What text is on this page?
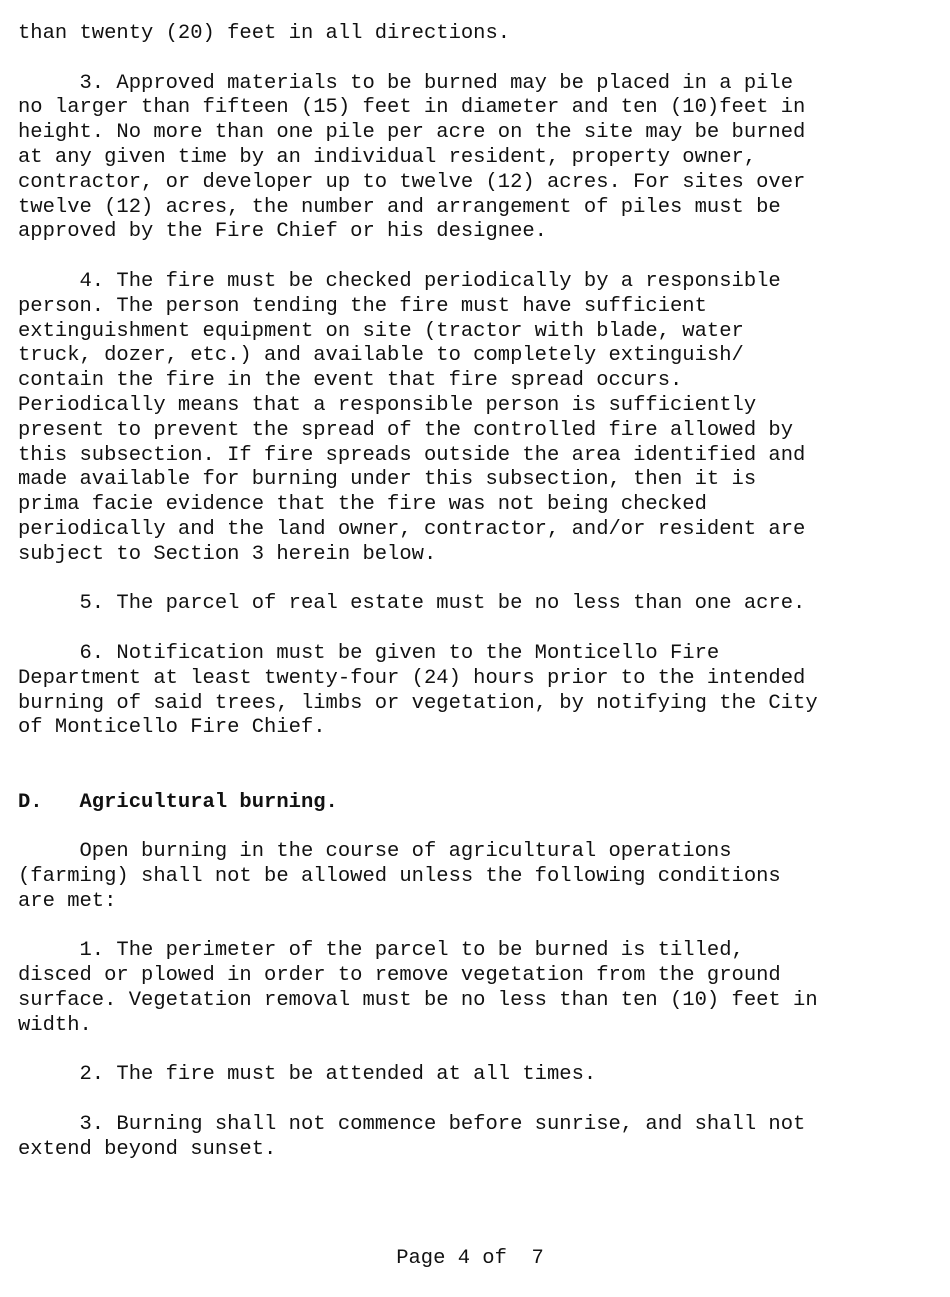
than twenty (20) feet in all directions.
3. Approved materials to be burned may be placed in a pile
no larger than fifteen (15) feet in diameter and ten (10)feet in
height. No more than one pile per acre on the site may be burned
at any given time by an individual resident, property owner,
contractor, or developer up to twelve (12) acres. For sites over
twelve (12) acres, the number and arrangement of piles must be
approved by the Fire Chief or his designee.
4. The fire must be checked periodically by a responsible
person. The person tending the fire must have sufficient
extinguishment equipment on site (tractor with blade, water
truck, dozer, etc.) and available to completely extinguish/
contain the fire in the event that fire spread occurs.
Periodically means that a responsible person is sufficiently
present to prevent the spread of the controlled fire allowed by
this subsection. If fire spreads outside the area identified and
made available for burning under this subsection, then it is
prima facie evidence that the fire was not being checked
periodically and the land owner, contractor, and/or resident are
subject to Section 3 herein below.
5. The parcel of real estate must be no less than one acre.
6. Notification must be given to the Monticello Fire
Department at least twenty-four (24) hours prior to the intended
burning of said trees, limbs or vegetation, by notifying the City
of Monticello Fire Chief.
D.   Agricultural burning.
Open burning in the course of agricultural operations
(farming) shall not be allowed unless the following conditions
are met:
1. The perimeter of the parcel to be burned is tilled,
disced or plowed in order to remove vegetation from the ground
surface. Vegetation removal must be no less than ten (10) feet in
width.
2. The fire must be attended at all times.
3. Burning shall not commence before sunrise, and shall not
extend beyond sunset.
Page 4 of  7
